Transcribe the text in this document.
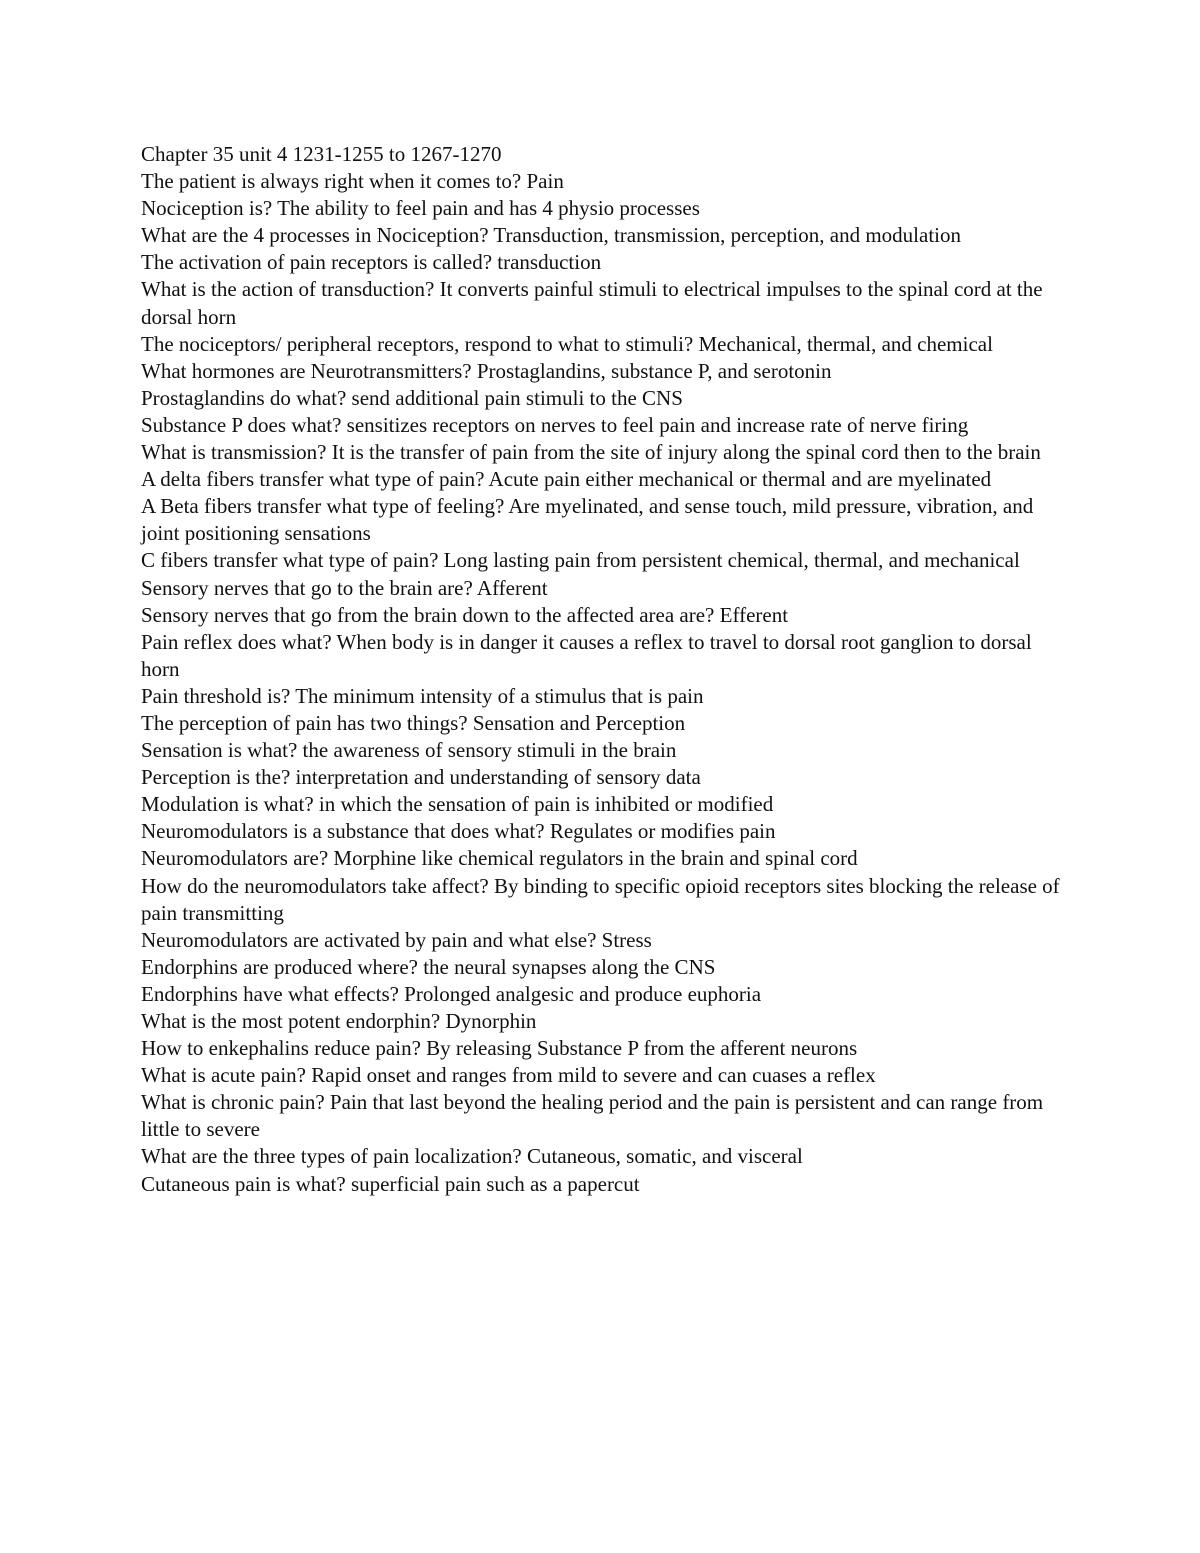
Chapter 35 unit 4 1231-1255 to 1267-1270

The patient is always right when it comes to? Pain

Nociception is? The ability to feel pain and has 4 physio processes

What are the 4 processes in Nociception? Transduction, transmission, perception, and modulation

The activation of pain receptors is called? transduction

What is the action of transduction? It converts painful stimuli to electrical impulses to the spinal cord at the dorsal horn

The nociceptors/ peripheral receptors, respond to what to stimuli? Mechanical, thermal, and chemical

What hormones are Neurotransmitters? Prostaglandins, substance P, and serotonin

Prostaglandins do what? send additional pain stimuli to the CNS

Substance P does what? sensitizes receptors on nerves to feel pain and increase rate of nerve firing

What is transmission? It is the transfer of pain from the site of injury along the spinal cord then to the brain

A delta fibers transfer what type of pain? Acute pain either mechanical or thermal and are myelinated

A Beta fibers transfer what type of feeling? Are myelinated, and sense touch, mild pressure, vibration, and joint positioning sensations

C fibers transfer what type of pain? Long lasting pain from persistent chemical, thermal, and mechanical

Sensory nerves that go to the brain are? Afferent

Sensory nerves that go from the brain down to the affected area are? Efferent

Pain reflex does what? When body is in danger it causes a reflex to travel to dorsal root ganglion to dorsal horn

Pain threshold is? The minimum intensity of a stimulus that is pain

The perception of pain has two things? Sensation and Perception

Sensation is what? the awareness of sensory stimuli in the brain

Perception is the? interpretation and understanding of sensory data

Modulation is what? in which the sensation of pain is inhibited or modified

Neuromodulators is a substance that does what? Regulates or modifies pain

Neuromodulators are? Morphine like chemical regulators in the brain and spinal cord

How do the neuromodulators take affect? By binding to specific opioid receptors sites blocking the release of pain transmitting

Neuromodulators are activated by pain and what else? Stress

Endorphins are produced where? the neural synapses along the CNS

Endorphins have what effects? Prolonged analgesic and produce euphoria

What is the most potent endorphin? Dynorphin

How to enkephalins reduce pain? By releasing Substance P from the afferent neurons

What is acute pain? Rapid onset and ranges from mild to severe and can cuases a reflex

What is chronic pain? Pain that last beyond the healing period and the pain is persistent and can range from little to severe

What are the three types of pain localization? Cutaneous, somatic, and visceral

Cutaneous pain is what? superficial pain such as a papercut
